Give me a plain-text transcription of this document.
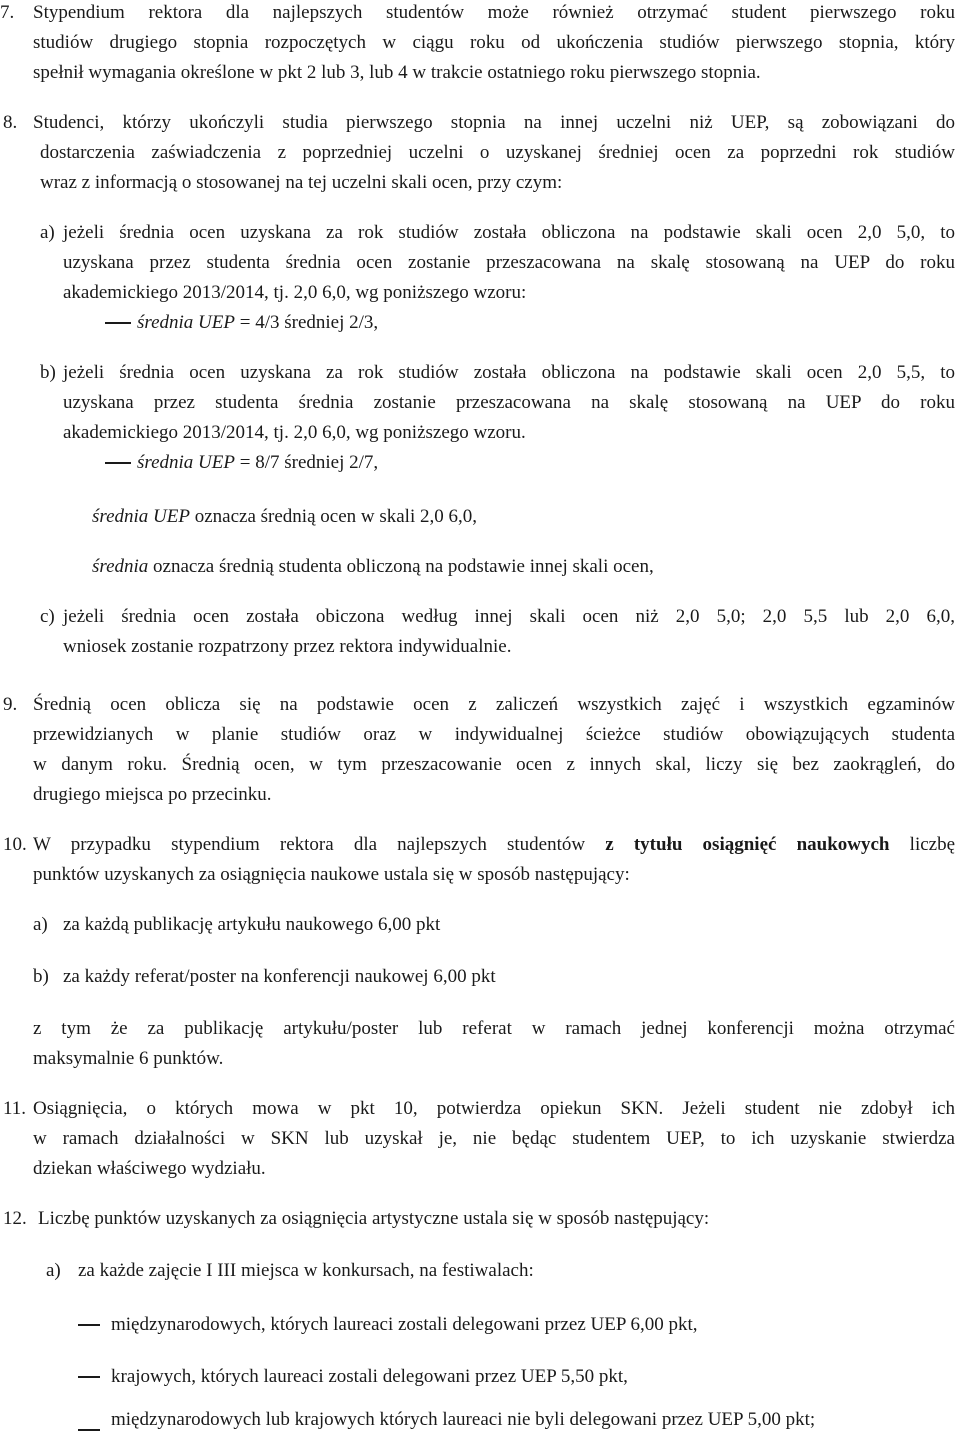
7. Stypendium rektora dla najlepszych studentów może również otrzymać student pierwszego roku
studiów drugiego stopnia rozpoczętych w ciągu roku od ukończenia studiów pierwszego stopnia, który
spełnił wymagania określone w pkt 2 lub 3, lub 4 w trakcie ostatniego roku pierwszego stopnia.
8. Studenci, którzy ukończyli studia pierwszego stopnia na innej uczelni niż UEP, są zobowiązani do
dostarczenia zaświadczenia z poprzedniej uczelni o uzyskanej średniej ocen za poprzedni rok studiów
wraz z informacją o stosowanej na tej uczelni skali ocen, przy czym:
a) jeżeli średnia ocen uzyskana za rok studiów została obliczona na podstawie skali ocen 2,0 5,0, to
uzyskana przez studenta średnia ocen zostanie przeszacowana na skalę stosowaną na UEP do roku
akademickiego 2013/2014, tj. 2,0 6,0, wg poniższego wzoru:
średnia UEP = 4/3 średniej 2/3,
b) jeżeli średnia ocen uzyskana za rok studiów została obliczona na podstawie skali ocen 2,0 5,5, to
uzyskana przez studenta średnia zostanie przeszacowana na skalę stosowaną na UEP do roku
akademickiego 2013/2014, tj. 2,0 6,0, wg poniższego wzoru.
średnia UEP = 8/7 średniej 2/7,
średnia UEP oznacza średnią ocen w skali 2,0 6,0,
średnia oznacza średnią studenta obliczoną na podstawie innej skali ocen,
c) jeżeli średnia ocen została obiczona według innej skali ocen niż 2,0 5,0; 2,0 5,5 lub 2,0 6,0,
wniosek zostanie rozpatrzony przez rektora indywidualnie.
9. Średnią ocen oblicza się na podstawie ocen z zaliczeń wszystkich zajęć i wszystkich egzaminów
przewidzianych w planie studiów oraz w indywidualnej ścieżce studiów obowiązujących studenta
w danym roku. Średnią ocen, w tym przeszacowanie ocen z innych skal, liczy się bez zaokrągleń, do
drugiego miejsca po przecinku.
10. W przypadku stypendium rektora dla najlepszych studentów z tytułu osiągnięć naukowych liczbę
punktów uzyskanych za osiągnięcia naukowe ustala się w sposób następujący:
a) za każdą publikację artykułu naukowego 6,00 pkt
b) za każdy referat/poster na konferencji naukowej 6,00 pkt
z tym że za publikację artykułu/poster lub referat w ramach jednej konferencji można otrzymać
maksymalnie 6 punktów.
11. Osiągnięcia, o których mowa w pkt 10, potwierdza opiekun SKN. Jeżeli student nie zdobył ich
w ramach działalności w SKN lub uzyskał je, nie będąc studentem UEP, to ich uzyskanie stwierdza
dziekan właściwego wydziału.
12. Liczbę punktów uzyskanych za osiągnięcia artystyczne ustala się w sposób następujący:
a) za każde zajęcie I III miejsca w konkursach, na festiwalach:
międzynarodowych, których laureaci zostali delegowani przez UEP 6,00 pkt,
krajowych, których laureaci zostali delegowani przez UEP 5,50 pkt,
międzynarodowych lub krajowych których laureaci nie byli delegowani przez UEP 5,00 pkt;
